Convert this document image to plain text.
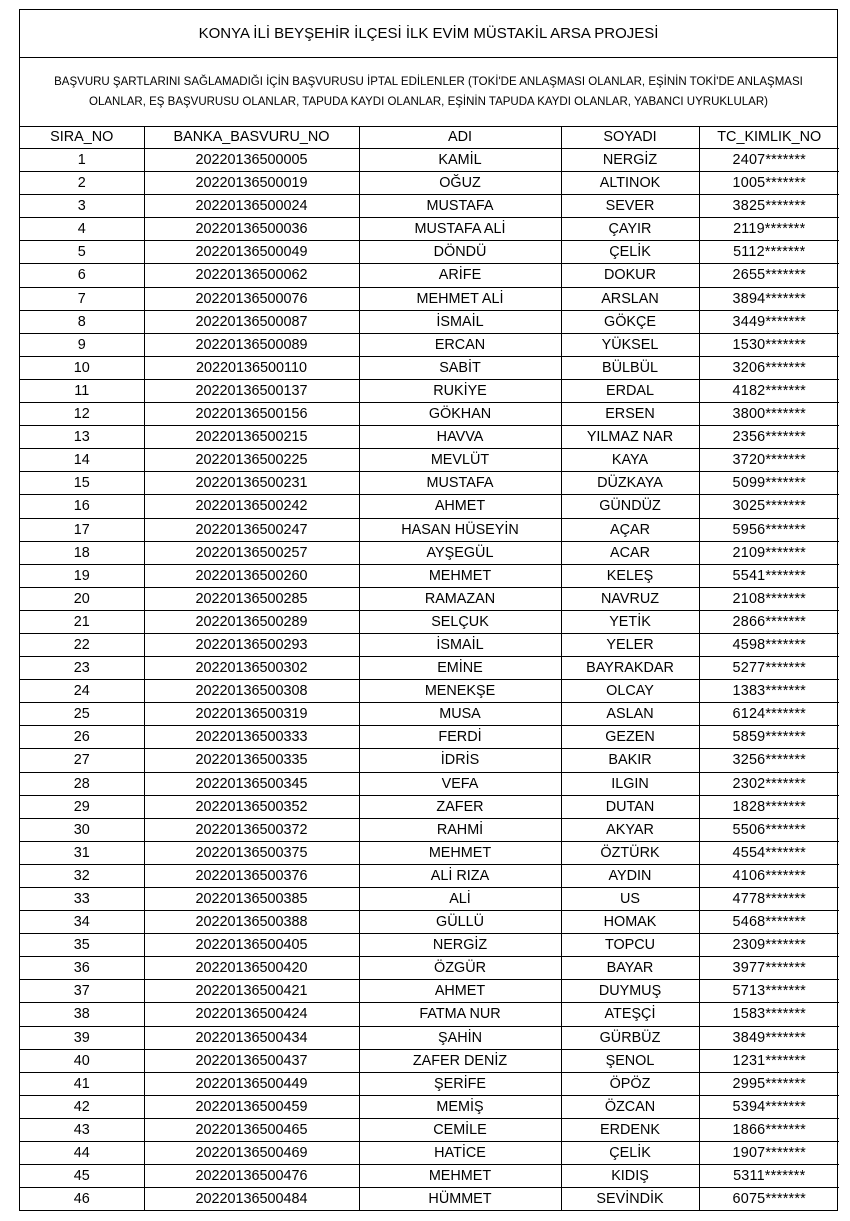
KONYA İLİ BEYŞEHİR İLÇESİ İLK EVİM MÜSTAKİL ARSA PROJESİ
BAŞVURU ŞARTLARINI SAĞLAMADIĞI İÇİN BAŞVURUSU İPTAL EDİLENLER (TOKİ'DE ANLAŞMASI OLANLAR, EŞİNİN TOKİ'DE ANLAŞMASI OLANLAR, EŞ BAŞVURUSU OLANLAR, TAPUDA KAYDI OLANLAR, EŞİNİN TAPUDA KAYDI OLANLAR, YABANCI UYRUKLULAR)
SIRA_NO	BANKA_BASVURU_NO	ADI	SOYADI	TC_KIMLIK_NO
1	20220136500005	KAMİL	NERGİZ	2407*******
2	20220136500019	OĞUZ	ALTINOK	1005*******
3	20220136500024	MUSTAFA	SEVER	3825*******
4	20220136500036	MUSTAFA ALİ	ÇAYIR	2119*******
5	20220136500049	DÖNDÜ	ÇELİK	5112*******
6	20220136500062	ARİFE	DOKUR	2655*******
7	20220136500076	MEHMET ALİ	ARSLAN	3894*******
8	20220136500087	İSMAİL	GÖKÇE	3449*******
9	20220136500089	ERCAN	YÜKSEL	1530*******
10	20220136500110	SABİT	BÜLBÜL	3206*******
11	20220136500137	RUKİYE	ERDAL	4182*******
12	20220136500156	GÖKHAN	ERSEN	3800*******
13	20220136500215	HAVVA	YILMAZ NAR	2356*******
14	20220136500225	MEVLÜT	KAYA	3720*******
15	20220136500231	MUSTAFA	DÜZKAYA	5099*******
16	20220136500242	AHMET	GÜNDÜZ	3025*******
17	20220136500247	HASAN HÜSEYİN	AÇAR	5956*******
18	20220136500257	AYŞEGÜL	ACAR	2109*******
19	20220136500260	MEHMET	KELEŞ	5541*******
20	20220136500285	RAMAZAN	NAVRUZ	2108*******
21	20220136500289	SELÇUK	YETİK	2866*******
22	20220136500293	İSMAİL	YELER	4598*******
23	20220136500302	EMİNE	BAYRAKDAR	5277*******
24	20220136500308	MENEKŞE	OLCAY	1383*******
25	20220136500319	MUSA	ASLAN	6124*******
26	20220136500333	FERDİ	GEZEN	5859*******
27	20220136500335	İDRİS	BAKIR	3256*******
28	20220136500345	VEFA	ILGIN	2302*******
29	20220136500352	ZAFER	DUTAN	1828*******
30	20220136500372	RAHMİ	AKYAR	5506*******
31	20220136500375	MEHMET	ÖZTÜRK	4554*******
32	20220136500376	ALİ RIZA	AYDIN	4106*******
33	20220136500385	ALİ	US	4778*******
34	20220136500388	GÜLLÜ	HOMAK	5468*******
35	20220136500405	NERGİZ	TOPCU	2309*******
36	20220136500420	ÖZGÜR	BAYAR	3977*******
37	20220136500421	AHMET	DUYMUŞ	5713*******
38	20220136500424	FATMA NUR	ATEŞÇİ	1583*******
39	20220136500434	ŞAHİN	GÜRBÜZ	3849*******
40	20220136500437	ZAFER DENİZ	ŞENOL	1231*******
41	20220136500449	ŞERİFE	ÖPÖZ	2995*******
42	20220136500459	MEMİŞ	ÖZCAN	5394*******
43	20220136500465	CEMİLE	ERDENK	1866*******
44	20220136500469	HATİCE	ÇELİK	1907*******
45	20220136500476	MEHMET	KIDIŞ	5311*******
46	20220136500484	HÜMMET	SEVİNDİK	6075*******
